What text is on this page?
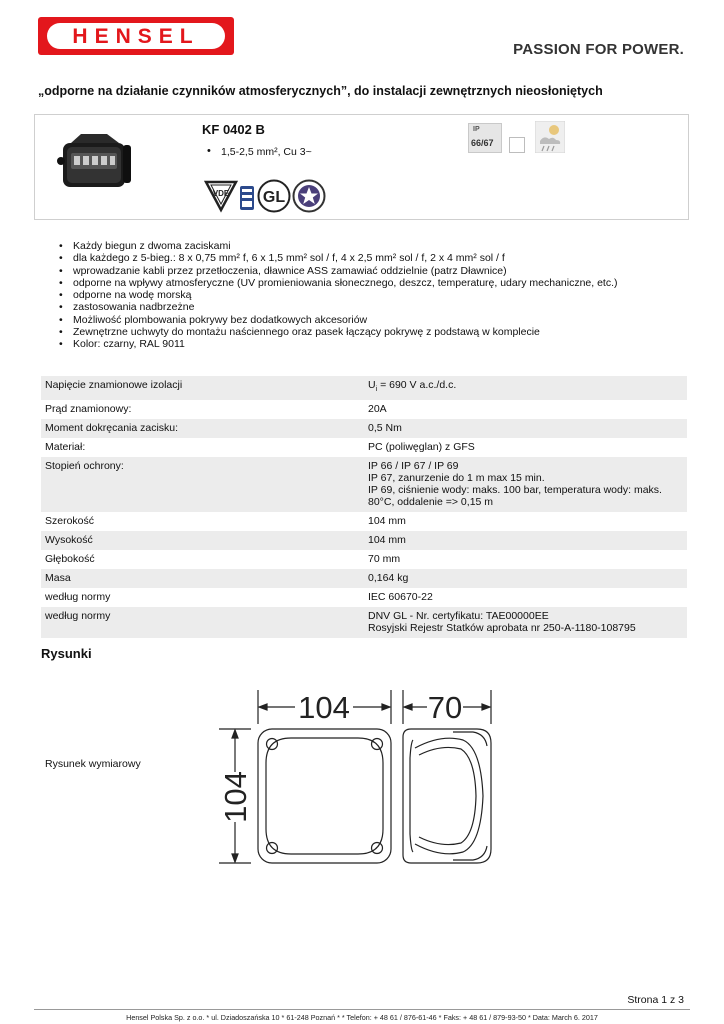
HENSEL
PASSION FOR POWER.
„odporne na działanie czynników atmosferycznych”, do instalacji zewnętrznych nieosłoniętych
KF 0402 B
• 1,5-2,5 mm², Cu 3~
VDE GL
IP
66/67
• Każdy biegun z dwoma zaciskami
• dla każdego z 5-bieg.: 8 x 0,75 mm² f, 6 x 1,5 mm² sol / f, 4 x 2,5 mm² sol / f, 2 x 4 mm² sol / f
• wprowadzanie kabli przez przetłoczenia, dławnice ASS zamawiać oddzielnie (patrz Dławnice)
• odporne na wpływy atmosferyczne (UV promieniowania słonecznego, deszcz, temperaturę, udary mechaniczne, etc.)
• odporne na wodę morską
• zastosowania nadbrzeżne
• Możliwość plombowania pokrywy bez dodatkowych akcesoriów
• Zewnętrzne uchwyty do montażu naściennego oraz pasek łączący pokrywę z podstawą w komplecie
• Kolor: czarny, RAL 9011
Napięcie znamionowe izolacji	$U_i = 690$ V a.c./d.c.
Prąd znamionowy:	20A
Moment dokręcania zacisku:	0,5 Nm
Materiał:	PC (poliwęglan) z GFS
Stopień ochrony:	IP 66 / IP 67 / IP 69
IP 67, zanurzenie do 1 m max 15 min.
IP 69, ciśnienie wody: maks. 100 bar, temperatura wody: maks.
80°C, oddalenie => 0,15 m

Szerokość	104 mm
Wysokość	104 mm
Głębokość	70 mm
Masa	0,164 kg
według normy	IEC 60670-22
według normy	DNV GL - Nr. certyfikatu: TAE00000EE
Rosyjski Rejestr Statków aprobata nr 250-A-1180-108795
Rysunki
Rysunek wymiarowy
104	70
104
Strona 1 z 3
Hensel Polska Sp. z o.o. * ul. Dziadoszańska 10 * 61-248 Poznań * * Telefon: + 48 61 / 876-61-46 * Faks: + 48 61 / 879-93-50 * Data: March 6. 2017
